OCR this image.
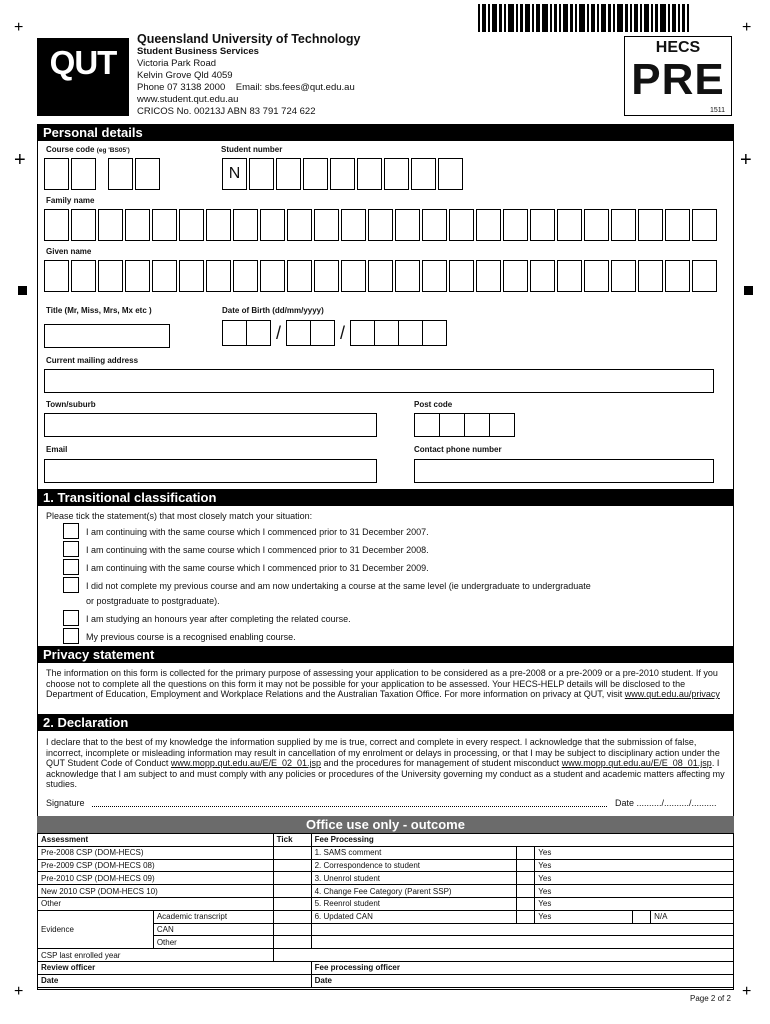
+	+
+	+
+	+
QUT
Queensland University of Technology
Student Business Services
Victoria Park Road
Kelvin Grove Qld 4059
Phone 07 3138 2000    Email: sbs.fees@qut.edu.au
www.student.qut.edu.au
CRICOS No. 00213J ABN 83 791 724 622
HECS
PRE
1511
Personal details
Course code (eg 'BS05')	Student number
N
Family name
Given name
Title (Mr, Miss, Mrs, Mx etc )	Date of Birth (dd/mm/yyyy)
/	/
Current mailing address
Town/suburb	Post code
Email	Contact phone number
1. Transitional classification
Please tick the statement(s) that most closely match your situation:
I am continuing with the same course which I commenced prior to 31 December 2007.
I am continuing with the same course which I commenced prior to 31 December 2008.
I am continuing with the same course which I commenced prior to 31 December 2009.
I did not complete my previous course and am now undertaking a course at the same level (ie undergraduate to undergraduate
or postgraduate to postgraduate).
I am studying an honours year after completing the related course.
My previous course is a recognised enabling course.
Privacy statement
The information on this form is collected for the primary purpose of assessing your application to be considered as a pre-2008 or a pre-2009 or a pre-2010 student. If you choose not to complete all the questions on this form it may not be possible for your application to be assessed. Your HECS-HELP details will be disclosed to the Department of Education, Employment and Workplace Relations and the Australian Taxation Office. For more information on privacy at QUT, visit www.qut.edu.au/privacy
2. Declaration
I declare that to the best of my knowledge the information supplied by me is true, correct and complete in every respect. I acknowledge that the submission of false, incorrect, incomplete or misleading information may result in cancellation of my enrolment or delays in processing, or that I may be subject to disciplinary action under the QUT Student Code of Conduct www.mopp.qut.edu.au/E/E_02_01.jsp and the procedures for management of student misconduct www.mopp.qut.edu.au/E/E_08_01.jsp. I acknowledge that I am subject to and must comply with any policies or procedures of the University governing my conduct as a student and academic matters affecting my studies.
Signature	Date ........../........../..........
Office use only - outcome
Assessment		Tick	Fee Processing				
Pre-2008 CSP (DOM-HECS)			1. SAMS comment		Yes		
Pre-2009 CSP (DOM-HECS 08)			2. Correspondence to student		Yes		
Pre-2010 CSP (DOM-HECS 09)			3. Unenrol student		Yes		
New 2010 CSP (DOM-HECS 10)			4. Change Fee Category (Parent SSP)		Yes		
Other			5. Reenrol student		Yes		
Evidence	Academic transcript		6. Updated CAN		Yes		N/A
	CAN						
	Other						
CSP last enrolled year							
Review officer			Fee processing officer				
Date			Date				
Page 2 of 2
